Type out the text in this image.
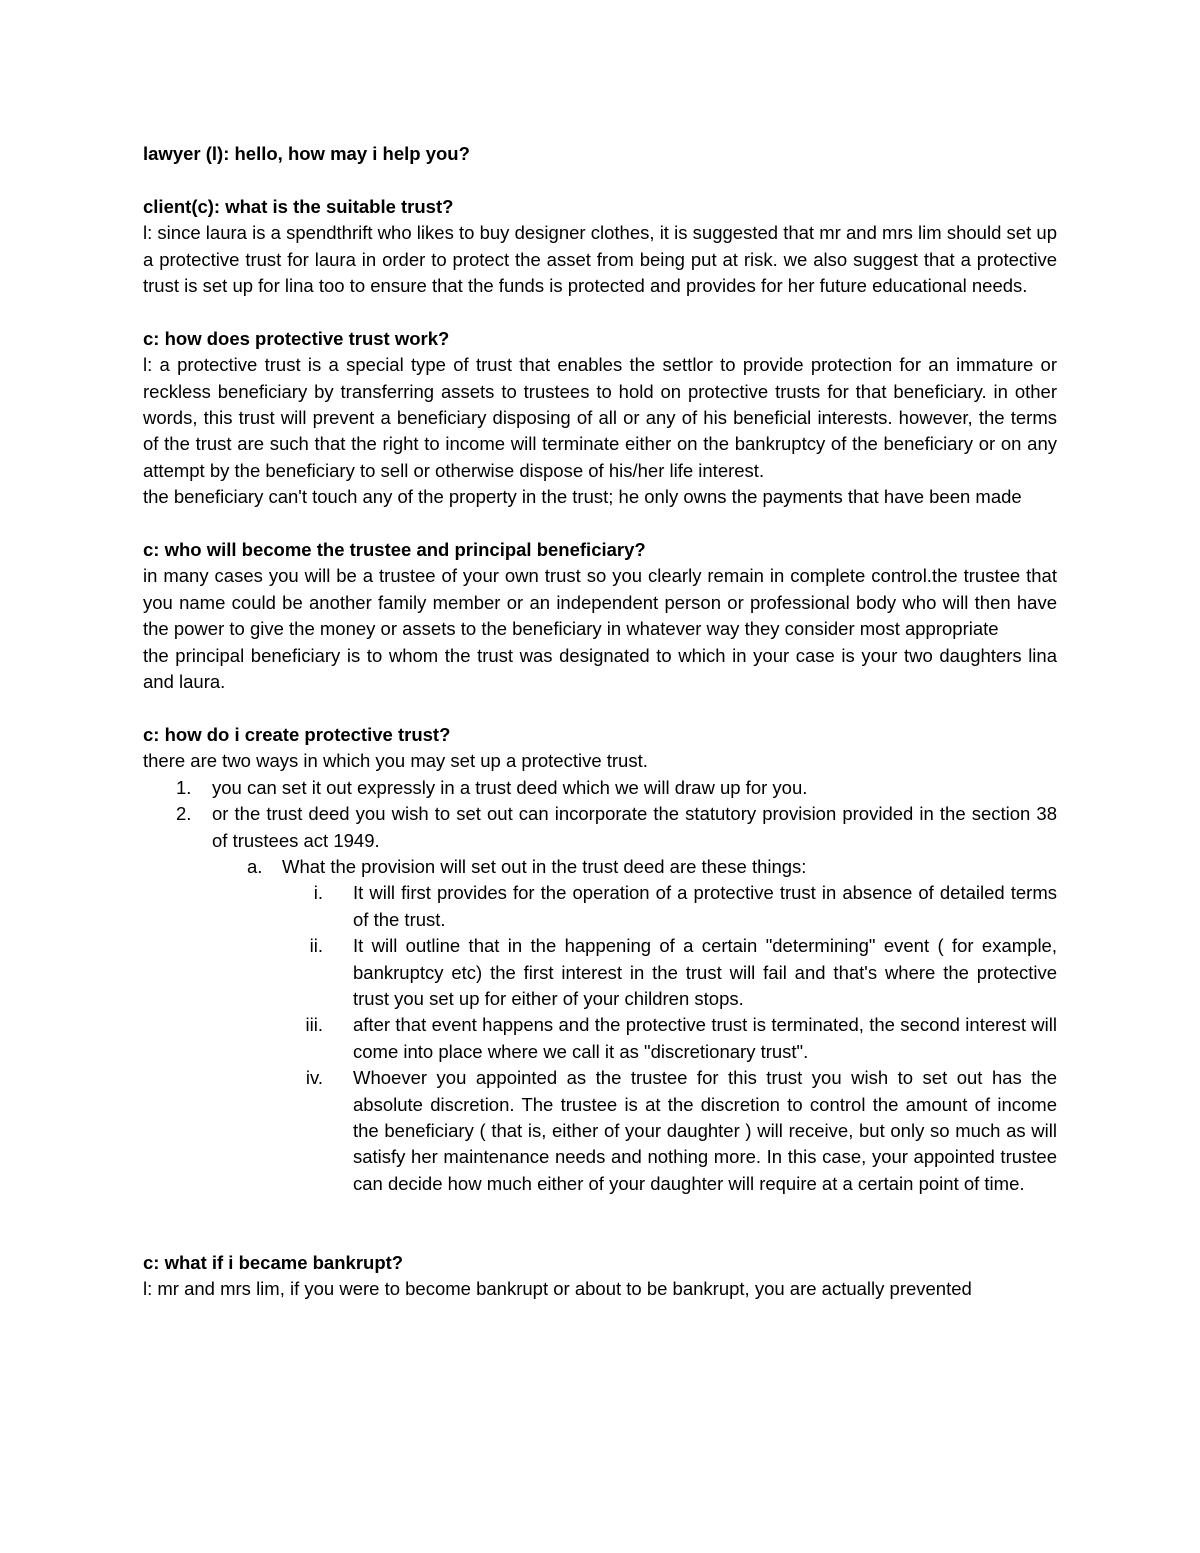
lawyer (l): hello, how may i help you?

client(c): what is the suitable trust?

l: since laura is a spendthrift who likes to buy designer clothes, it is suggested that mr and mrs lim should set up a protective trust for laura in order to protect the asset from being put at risk. we also suggest that a protective trust is set up for lina too to ensure that the funds is protected and provides for her future educational needs.

c: how does protective trust work?

l: a protective trust is a special type of trust that enables the settlor to provide protection for an immature or reckless beneficiary by transferring assets to trustees to hold on protective trusts for that beneficiary. in other words, this trust will prevent a beneficiary disposing of all or any of his beneficial interests. however, the terms of the trust are such that the right to income will terminate either on the bankruptcy of the beneficiary or on any attempt by the beneficiary to sell or otherwise dispose of his/her life interest.

the beneficiary can't touch any of the property in the trust; he only owns the payments that have been made

c: who will become the trustee and principal beneficiary?

in many cases you will be a trustee of your own trust so you clearly remain in complete control.the trustee that you name could be another family member or an independent person or professional body who will then have the power to give the money or assets to the beneficiary in whatever way they consider most appropriate

the principal beneficiary is to whom the trust was designated to which in your case is your two daughters lina and laura.

c: how do i create protective trust?

there are two ways in which you may set up a protective trust.

1. you can set it out expressly in a trust deed which we will draw up for you.
2. or the trust deed you wish to set out can incorporate the statutory provision provided in the section 38 of trustees act 1949.
a. What the provision will set out in the trust deed are these things:
i. It will first provides for the operation of a protective trust in absence of detailed terms of the trust.
ii. It will outline that in the happening of a certain "determining" event ( for example, bankruptcy etc) the first interest in the trust will fail and that's where the protective trust you set up for either of your children stops.
iii. after that event happens and the protective trust is terminated, the second interest will come into place where we call it as "discretionary trust".
iv. Whoever you appointed as the trustee for this trust you wish to set out has the absolute discretion. The trustee is at the discretion to control the amount of income the beneficiary ( that is, either of your daughter ) will receive, but only so much as will satisfy her maintenance needs and nothing more. In this case, your appointed trustee can decide how much either of your daughter will require at a certain point of time.

c: what if i became bankrupt?

l: mr and mrs lim, if you were to become bankrupt or about to be bankrupt, you are actually prevented
